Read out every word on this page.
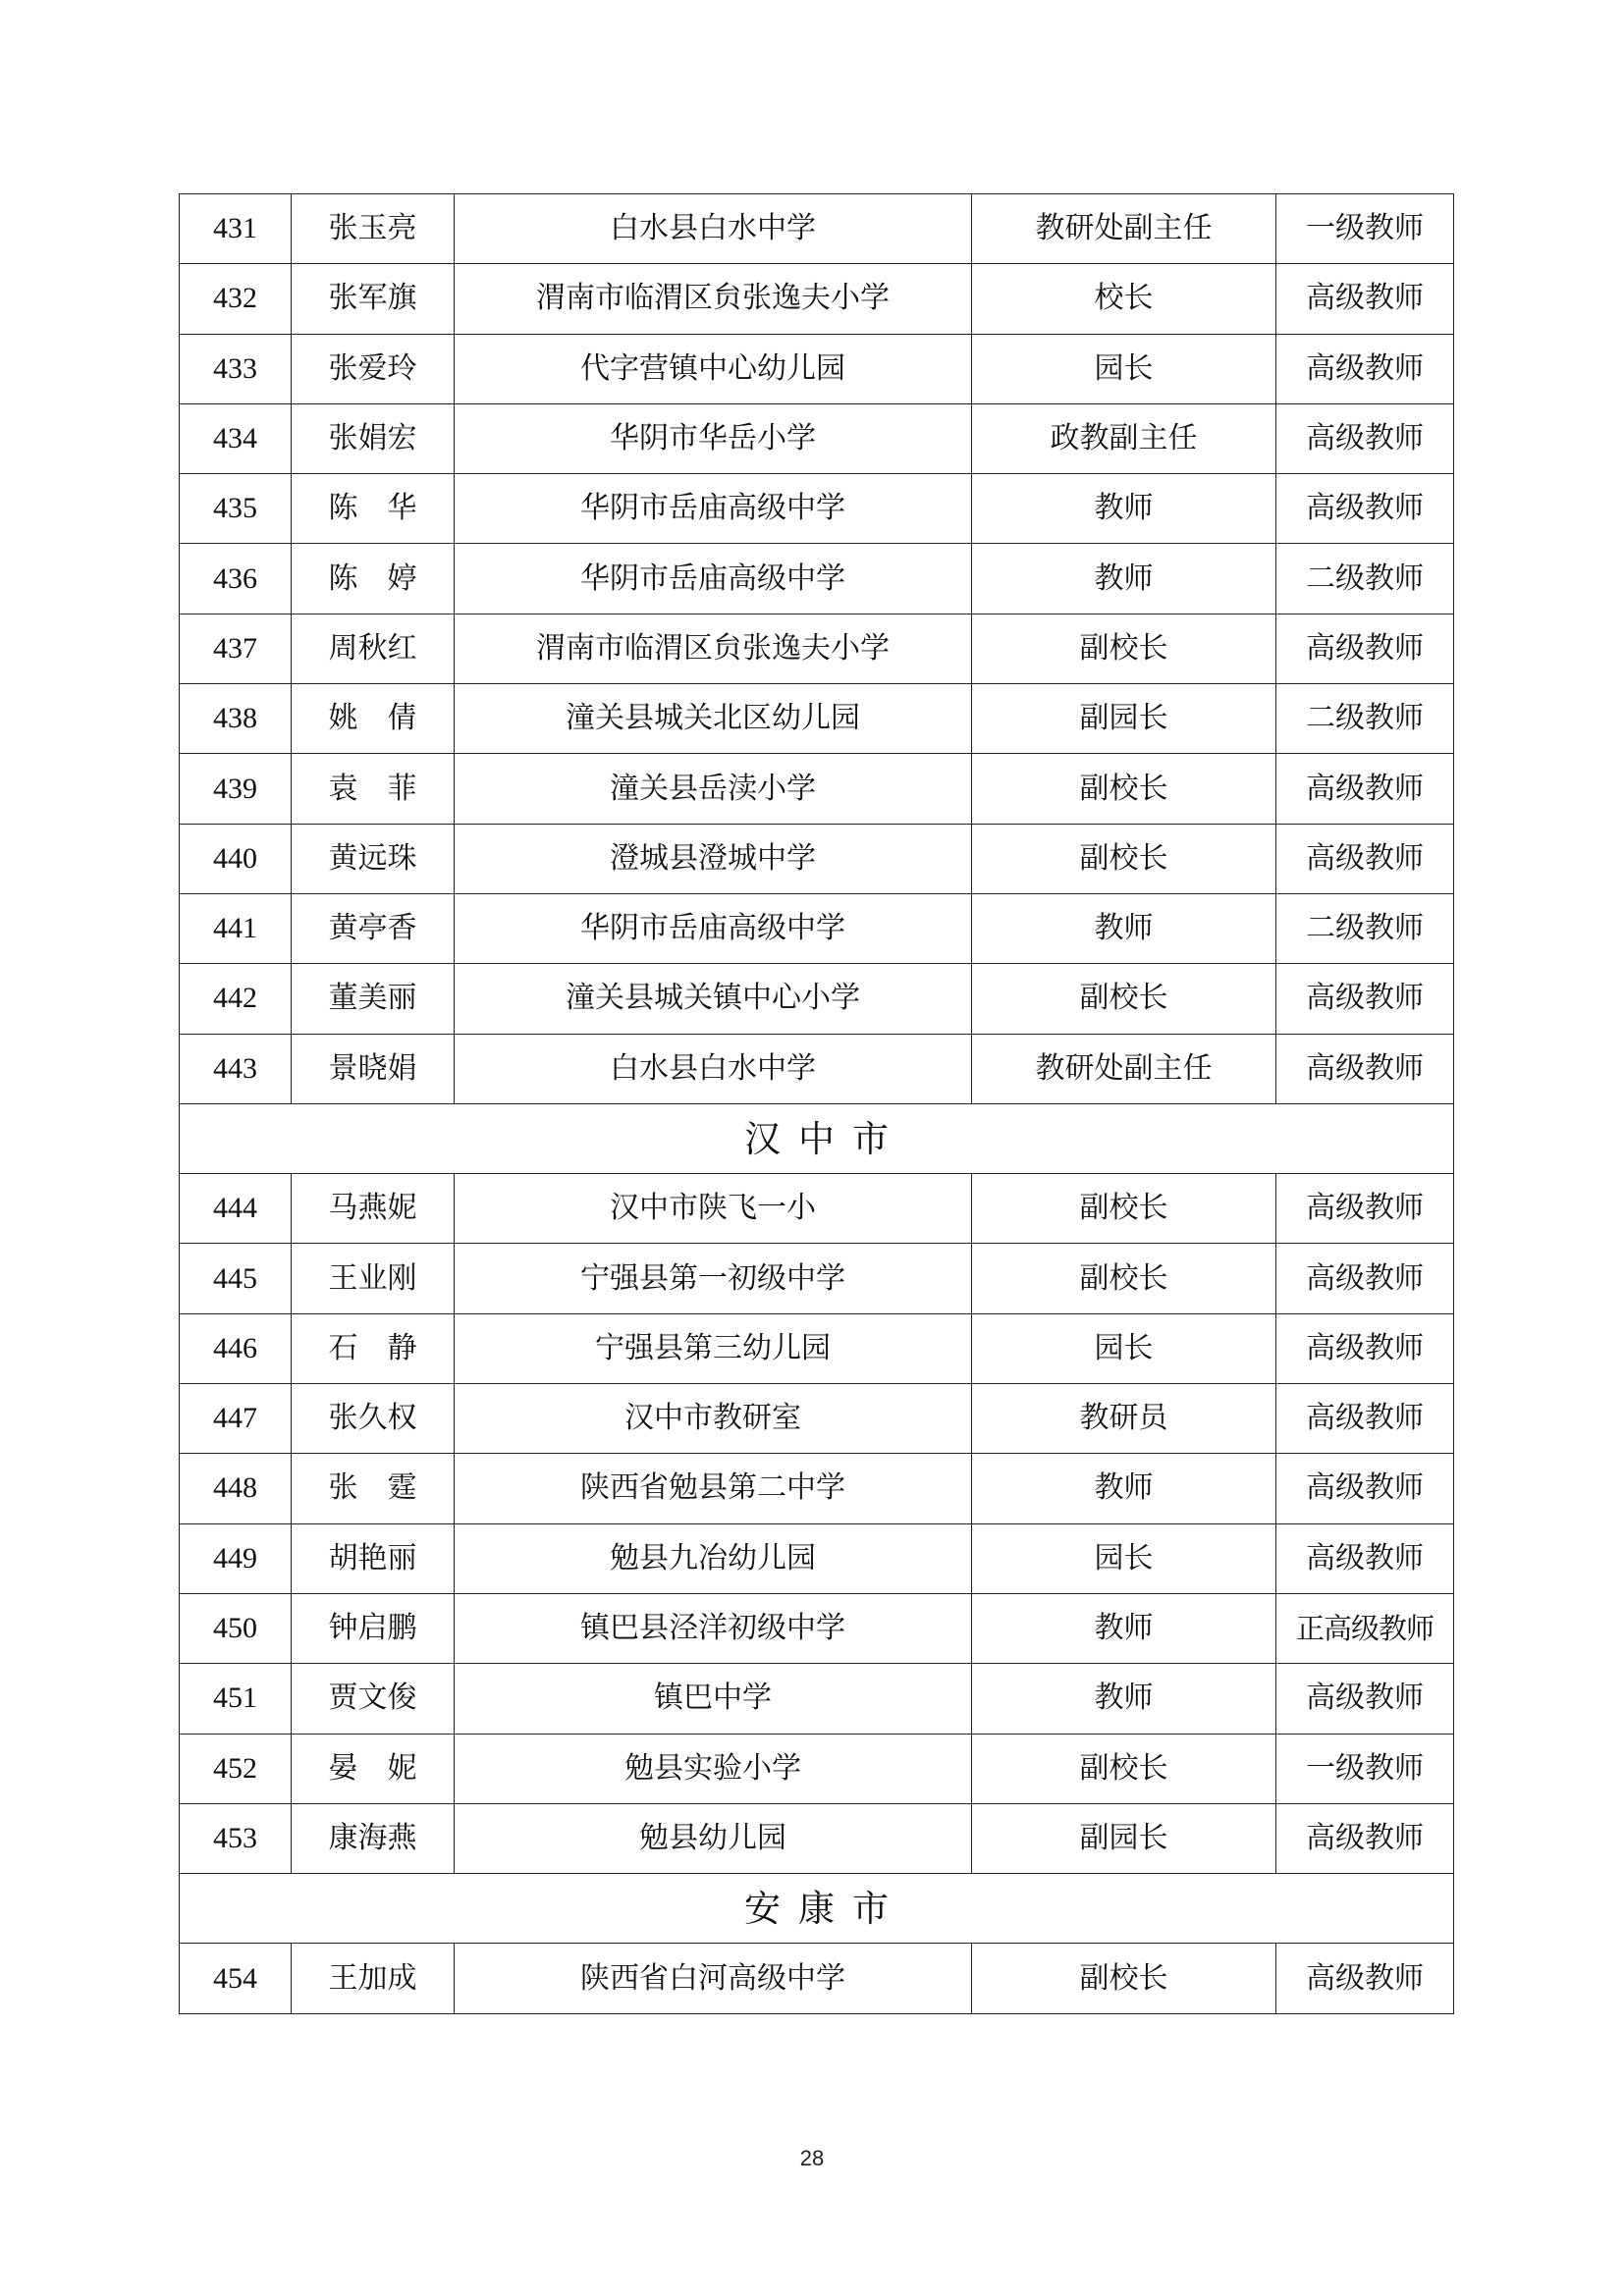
431	张玉亮	白水县白水中学	教研处副主任	一级教师
432	张军旗	渭南市临渭区贠张逸夫小学	校长	高级教师
433	张爱玲	代字营镇中心幼儿园	园长	高级教师
434	张娟宏	华阴市华岳小学	政教副主任	高级教师
435	陈　华	华阴市岳庙高级中学	教师	高级教师
436	陈　婷	华阴市岳庙高级中学	教师	二级教师
437	周秋红	渭南市临渭区贠张逸夫小学	副校长	高级教师
438	姚　倩	潼关县城关北区幼儿园	副园长	二级教师
439	袁　菲	潼关县岳渎小学	副校长	高级教师
440	黄远珠	澄城县澄城中学	副校长	高级教师
441	黄亭香	华阴市岳庙高级中学	教师	二级教师
442	董美丽	潼关县城关镇中心小学	副校长	高级教师
443	景晓娟	白水县白水中学	教研处副主任	高级教师
汉中市				
444	马燕妮	汉中市陕飞一小	副校长	高级教师
445	王业刚	宁强县第一初级中学	副校长	高级教师
446	石　静	宁强县第三幼儿园	园长	高级教师
447	张久权	汉中市教研室	教研员	高级教师
448	张　霆	陕西省勉县第二中学	教师	高级教师
449	胡艳丽	勉县九冶幼儿园	园长	高级教师
450	钟启鹏	镇巴县泾洋初级中学	教师	正高级教师
451	贾文俊	镇巴中学	教师	高级教师
452	晏　妮	勉县实验小学	副校长	一级教师
453	康海燕	勉县幼儿园	副园长	高级教师
安康市				
454	王加成	陕西省白河高级中学	副校长	高级教师
28
